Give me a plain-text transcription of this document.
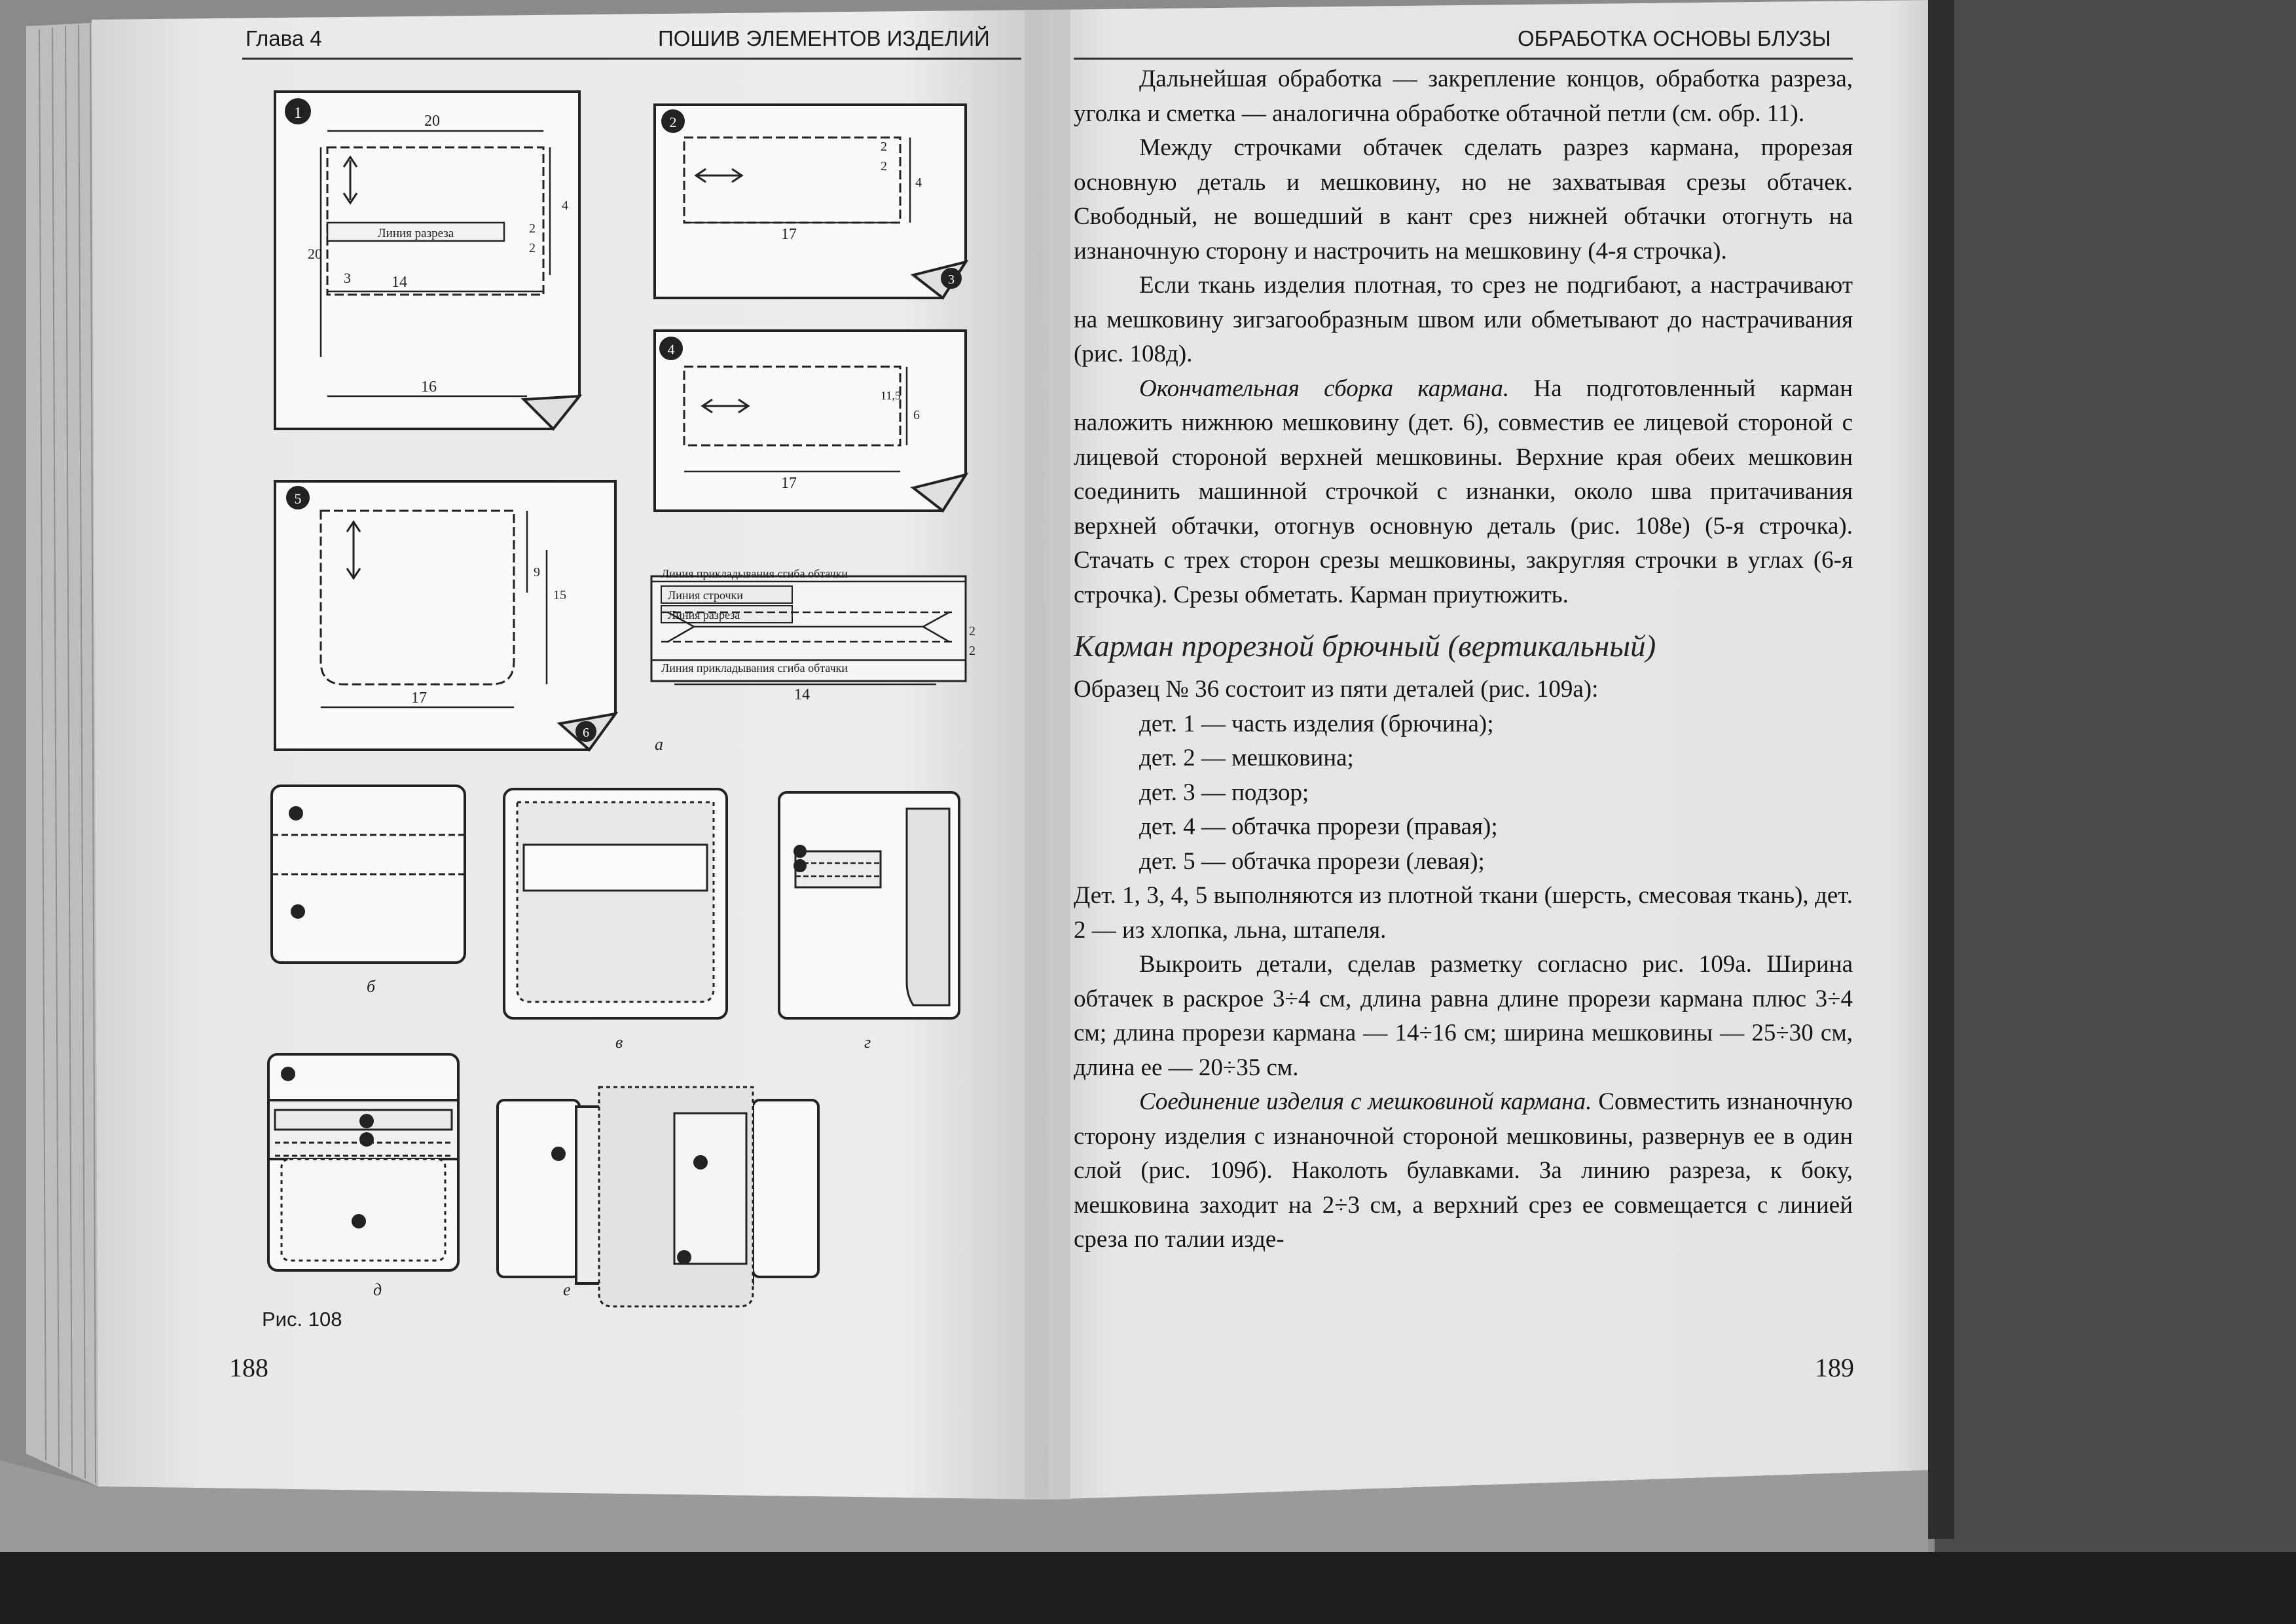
Глава 4	ПОШИВ ЭЛЕМЕНТОВ ИЗДЕЛИЙ
1	20
Линия разреза
14
16
20
3
4
2
2
2
17
2
2
4
3
4
17
11,5
6
5
17
9
15
6
Линия прикладывания сгиба обтачки
Линия строчки
Линия разреза
Линия прикладывания сгиба обтачки
14
2
2
а
б
в	г
д	е
Рис. 108
188
ОБРАБОТКА ОСНОВЫ БЛУЗЫ

Дальнейшая обработка — закрепление концов, обработка разреза, уголка и сметка — аналогична обработке обтачной петли (см. обр. 11).

Между строчками обтачек сделать разрез кармана, прорезая основную деталь и мешковину, но не захватывая срезы обтачек. Свободный, не вошедший в кант срез нижней обтачки отогнуть на изнаночную сторону и настрочить на мешковину (4-я строчка).

Если ткань изделия плотная, то срез не подгибают, а настрачивают на мешковину зигзагообразным швом или обметывают до настрачивания (рис. 108д).

Окончательная сборка кармана. На подготовленный карман наложить нижнюю мешковину (дет. 6), совместив ее лицевой стороной с лицевой стороной верхней мешковины. Верхние края обеих мешковин соединить машинной строчкой с изнанки, около шва притачивания верхней обтачки, отогнув основную деталь (рис. 108е) (5-я строчка). Стачать с трех сторон срезы мешковины, закругляя строчки в углах (6-я строчка). Срезы обметать. Карман приутюжить.

Карман прорезной брючный (вертикальный)

Образец № 36 состоит из пяти деталей (рис. 109а):

дет. 1 — часть изделия (брючина);
дет. 2 — мешковина;
дет. 3 — подзор;
дет. 4 — обтачка прорези (правая);
дет. 5 — обтачка прорези (левая);

Дет. 1, 3, 4, 5 выполняются из плотной ткани (шерсть, смесовая ткань), дет. 2 — из хлопка, льна, штапеля.

Выкроить детали, сделав разметку согласно рис. 109а. Ширина обтачек в раскрое 3÷4 см, длина равна длине прорези кармана плюс 3÷4 см; длина прорези кармана — 14÷16 см; ширина мешковины — 25÷30 см, длина ее — 20÷35 см.

Соединение изделия с мешковиной кармана. Совместить изнаночную сторону изделия с изнаночной стороной мешковины, развернув ее в один слой (рис. 109б). Наколоть булавками. За линию разреза, к боку, мешковина заходит на 2÷3 см, а верхний срез ее совмещается с линией среза по талии изде-

189
